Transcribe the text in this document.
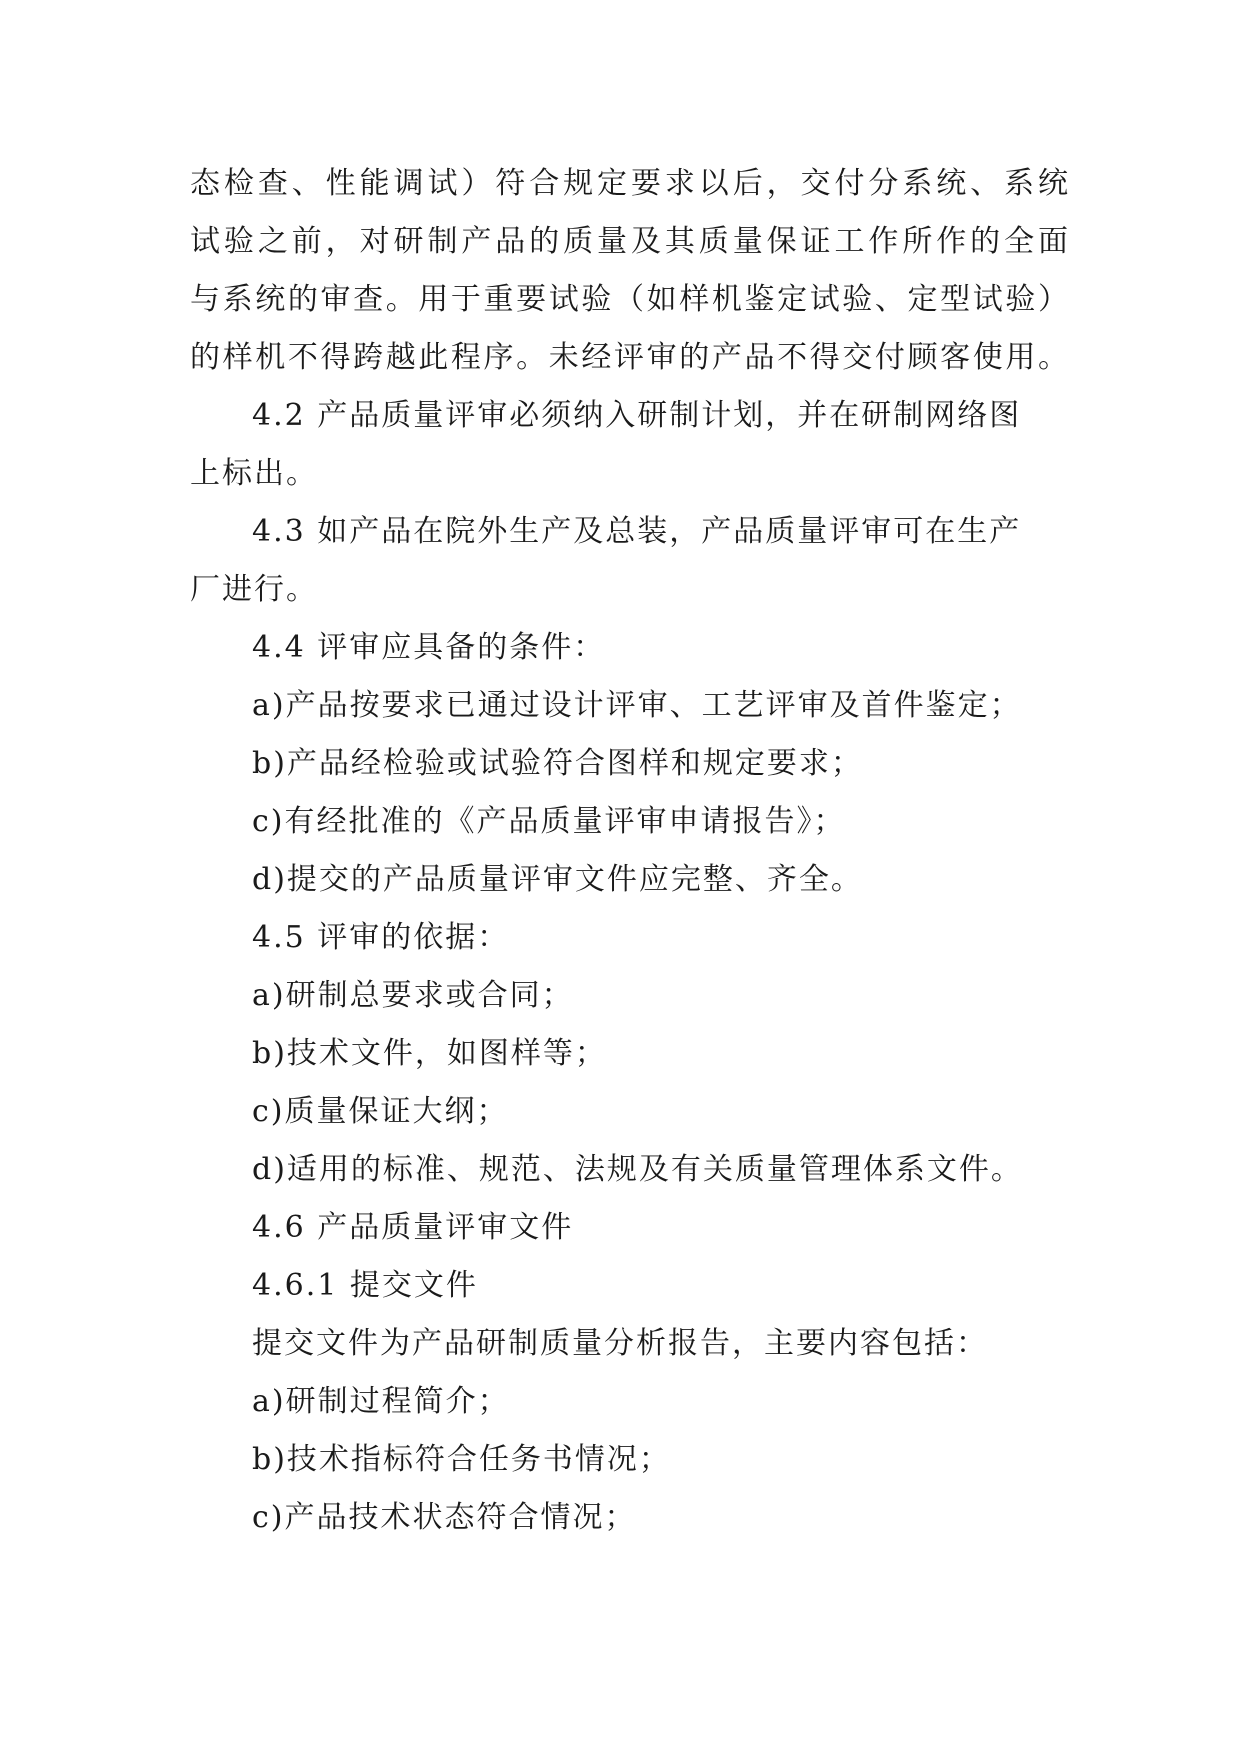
态检查、性能调试）符合规定要求以后，交付分系统、系统
试验之前，对研制产品的质量及其质量保证工作所作的全面
与系统的审查。用于重要试验（如样机鉴定试验、定型试验）
的样机不得跨越此程序。未经评审的产品不得交付顾客使用。
4.2 产品质量评审必须纳入研制计划，并在研制网络图
上标出。
4.3 如产品在院外生产及总装，产品质量评审可在生产
厂进行。
4.4 评审应具备的条件：
a)产品按要求已通过设计评审、工艺评审及首件鉴定；
b)产品经检验或试验符合图样和规定要求；
c)有经批准的《产品质量评审申请报告》；
d)提交的产品质量评审文件应完整、齐全。
4.5 评审的依据：
a)研制总要求或合同；
b)技术文件，如图样等；
c)质量保证大纲；
d)适用的标准、规范、法规及有关质量管理体系文件。
4.6 产品质量评审文件
4.6.1 提交文件
提交文件为产品研制质量分析报告，主要内容包括：
a)研制过程简介；
b)技术指标符合任务书情况；
c)产品技术状态符合情况；
